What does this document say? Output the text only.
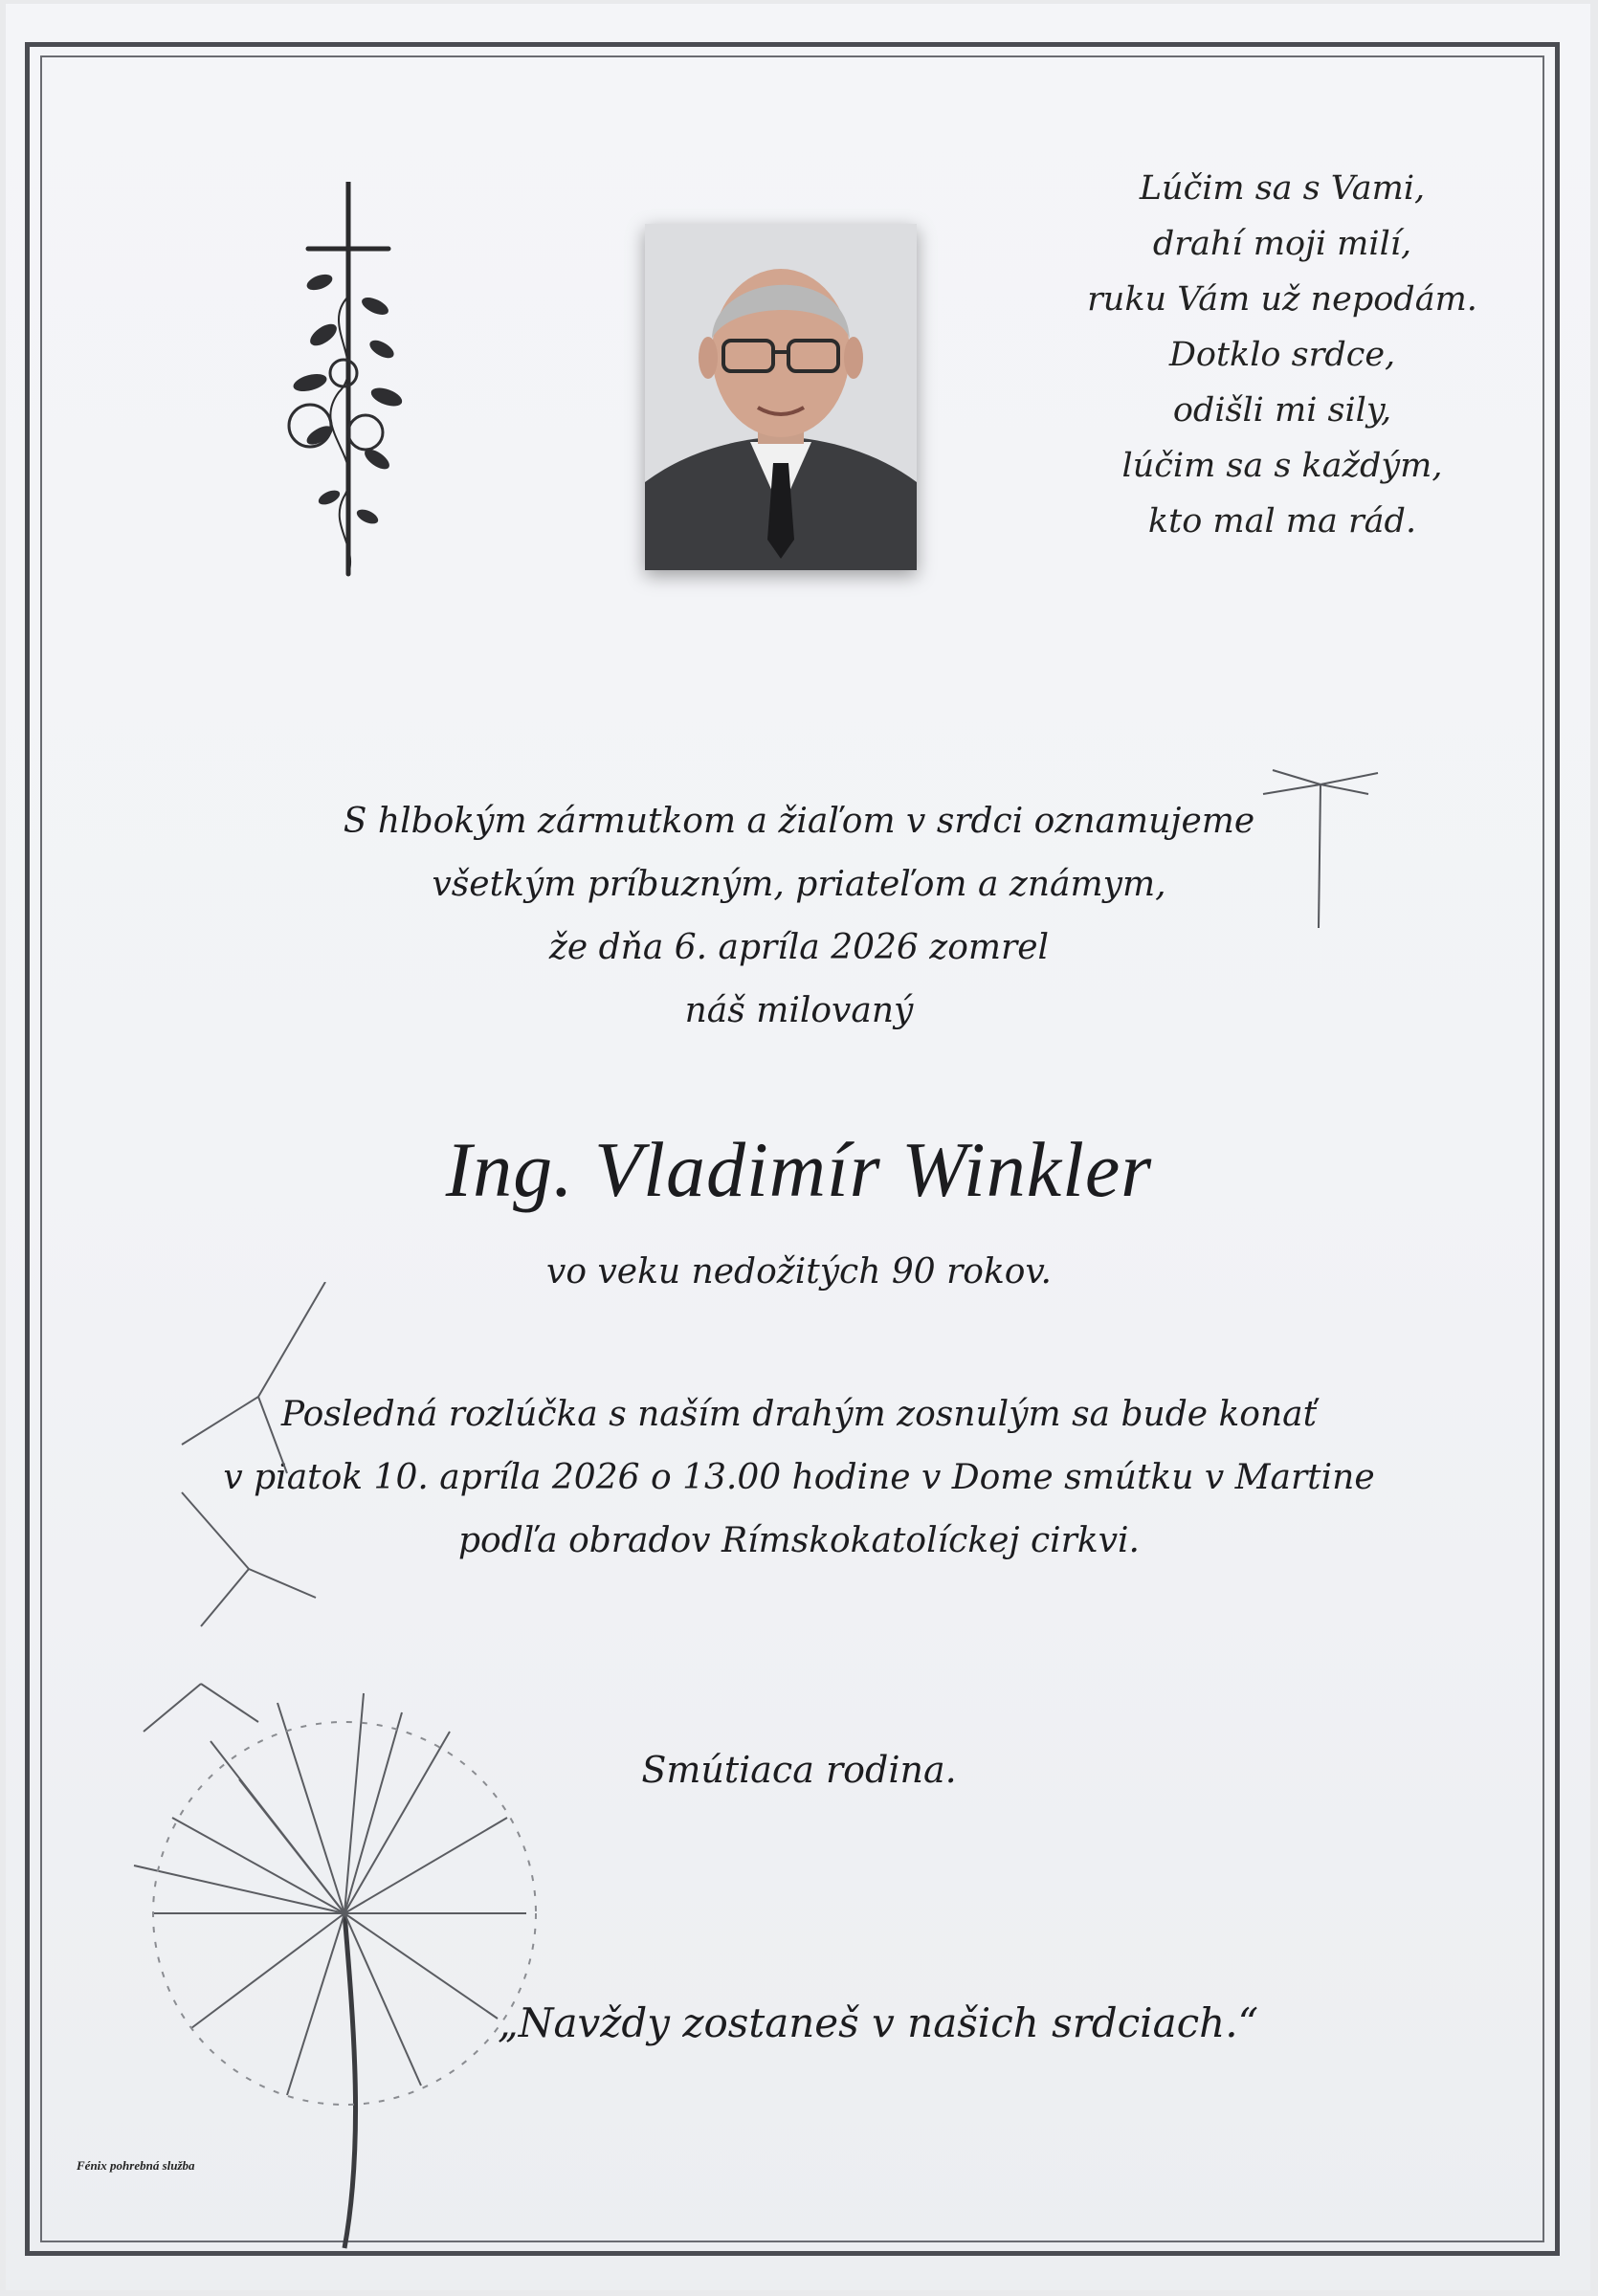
Lúčim sa s Vami,
drahí moji milí,
ruku Vám už nepodám.
Dotklo srdce,
odišli mi sily,
lúčim sa s každým,
kto mal ma rád.
S hlbokým zármutkom a žiaľom v srdci oznamujeme
všetkým príbuzným, priateľom a známym,
že dňa 6. apríla 2026 zomrel
náš milovaný
Ing. Vladimír Winkler
vo veku nedožitých 90 rokov.
Posledná rozlúčka s naším drahým zosnulým sa bude konať
v piatok 10. apríla 2026 o 13.00 hodine v Dome smútku v Martine
podľa obradov Rímskokatolíckej cirkvi.
Smútiaca rodina.
„Navždy zostaneš v našich srdciach.“
Fénix pohrebná služba
